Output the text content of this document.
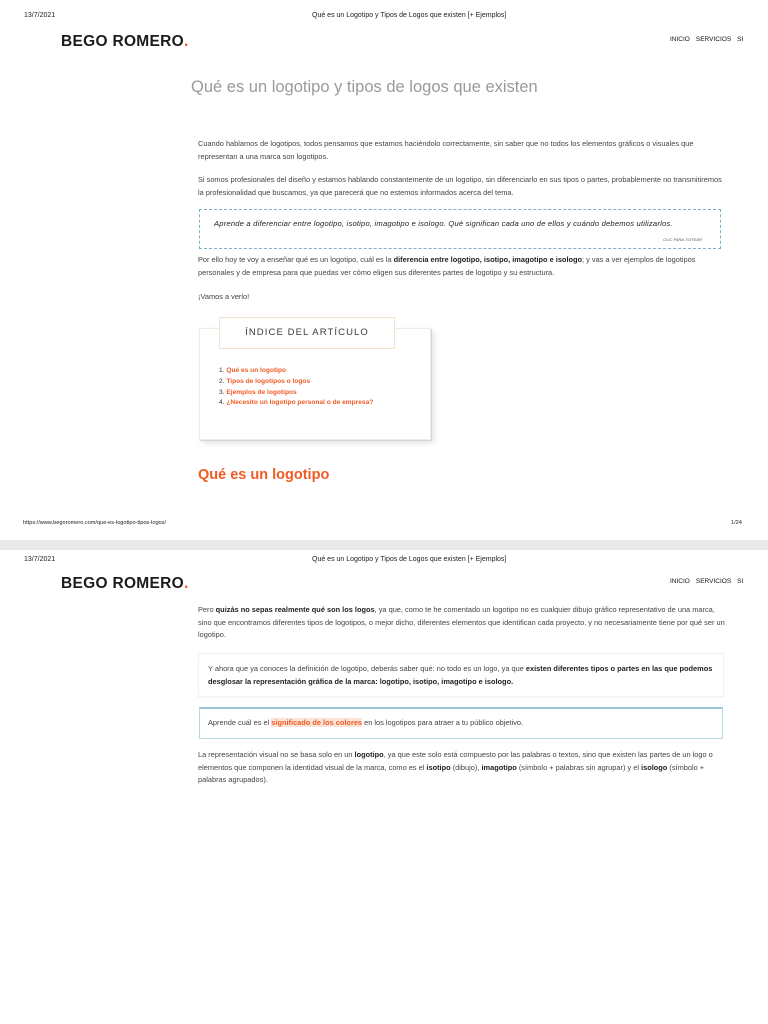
13/7/2021	Qué es un Logotipo y Tipos de Logos que existen [+ Ejemplos]
BEGO ROMERO.	INICIO SERVICIOS SI
Qué es un logotipo y tipos de logos que existen
Cuando hablamos de logotipos, todos pensamos que estamos haciéndolo correctamente, sin saber que no todos los elementos gráficos o visuales que representan a una marca son logotipos.
Si somos profesionales del diseño y estamos hablando constantemente de un logotipo, sin diferenciarlo en sus tipos o partes, probablemente no transmitiremos la profesionalidad que buscamos, ya que parecerá que no estemos informados acerca del tema.
Aprende a diferenciar entre logotipo, isotipo, imagotipo e isologo. Qué significan cada uno de ellos y cuándo debemos utilizarlos.
CLIC PARA TUITEAR
Por ello hoy te voy a enseñar qué es un logotipo, cuál es la diferencia entre logotipo, isotipo, imagotipo e isologo; y vas a ver ejemplos de logotipos personales y de empresa para que puedas ver cómo eligen sus diferentes partes de logotipo y su estructura.
¡Vamos a verlo!
ÍNDICE DEL ARTÍCULO
1. Qué es un logotipo
2. Tipos de logotipos o logos
3. Ejemplos de logotipos
4. ¿Necesito un logotipo personal o de empresa?
Qué es un logotipo
https://www.begoromero.com/que-es-logotipo-tipos-logos/	1/24
13/7/2021	Qué es un Logotipo y Tipos de Logos que existen [+ Ejemplos]
BEGO ROMERO.	INICIO SERVICIOS SI
Pero quizás no sepas realmente qué son los logos, ya que, como te he comentado un logotipo no es cualquier dibujo gráfico representativo de una marca, sino que encontramos diferentes tipos de logotipos, o mejor dicho, diferentes elementos que identifican cada proyecto, y no necesariamente tiene por qué ser un logotipo.
Y ahora que ya conoces la definición de logotipo, deberás saber qué: no todo es un logo, ya que existen diferentes tipos o partes en las que podemos desglosar la representación gráfica de la marca: logotipo, isotipo, imagotipo e isologo.
Aprende cuál es el significado de los colores en los logotipos para atraer a tu público objetivo.
La representación visual no se basa solo en un logotipo, ya que este solo está compuesto por las palabras o textos, sino que existen las partes de un logo o elementos que componen la identidad visual de la marca, como es el isotipo (dibujo), imagotipo (símbolo + palabras sin agrupar) y el isologo (símbolo + palabras agrupados).
